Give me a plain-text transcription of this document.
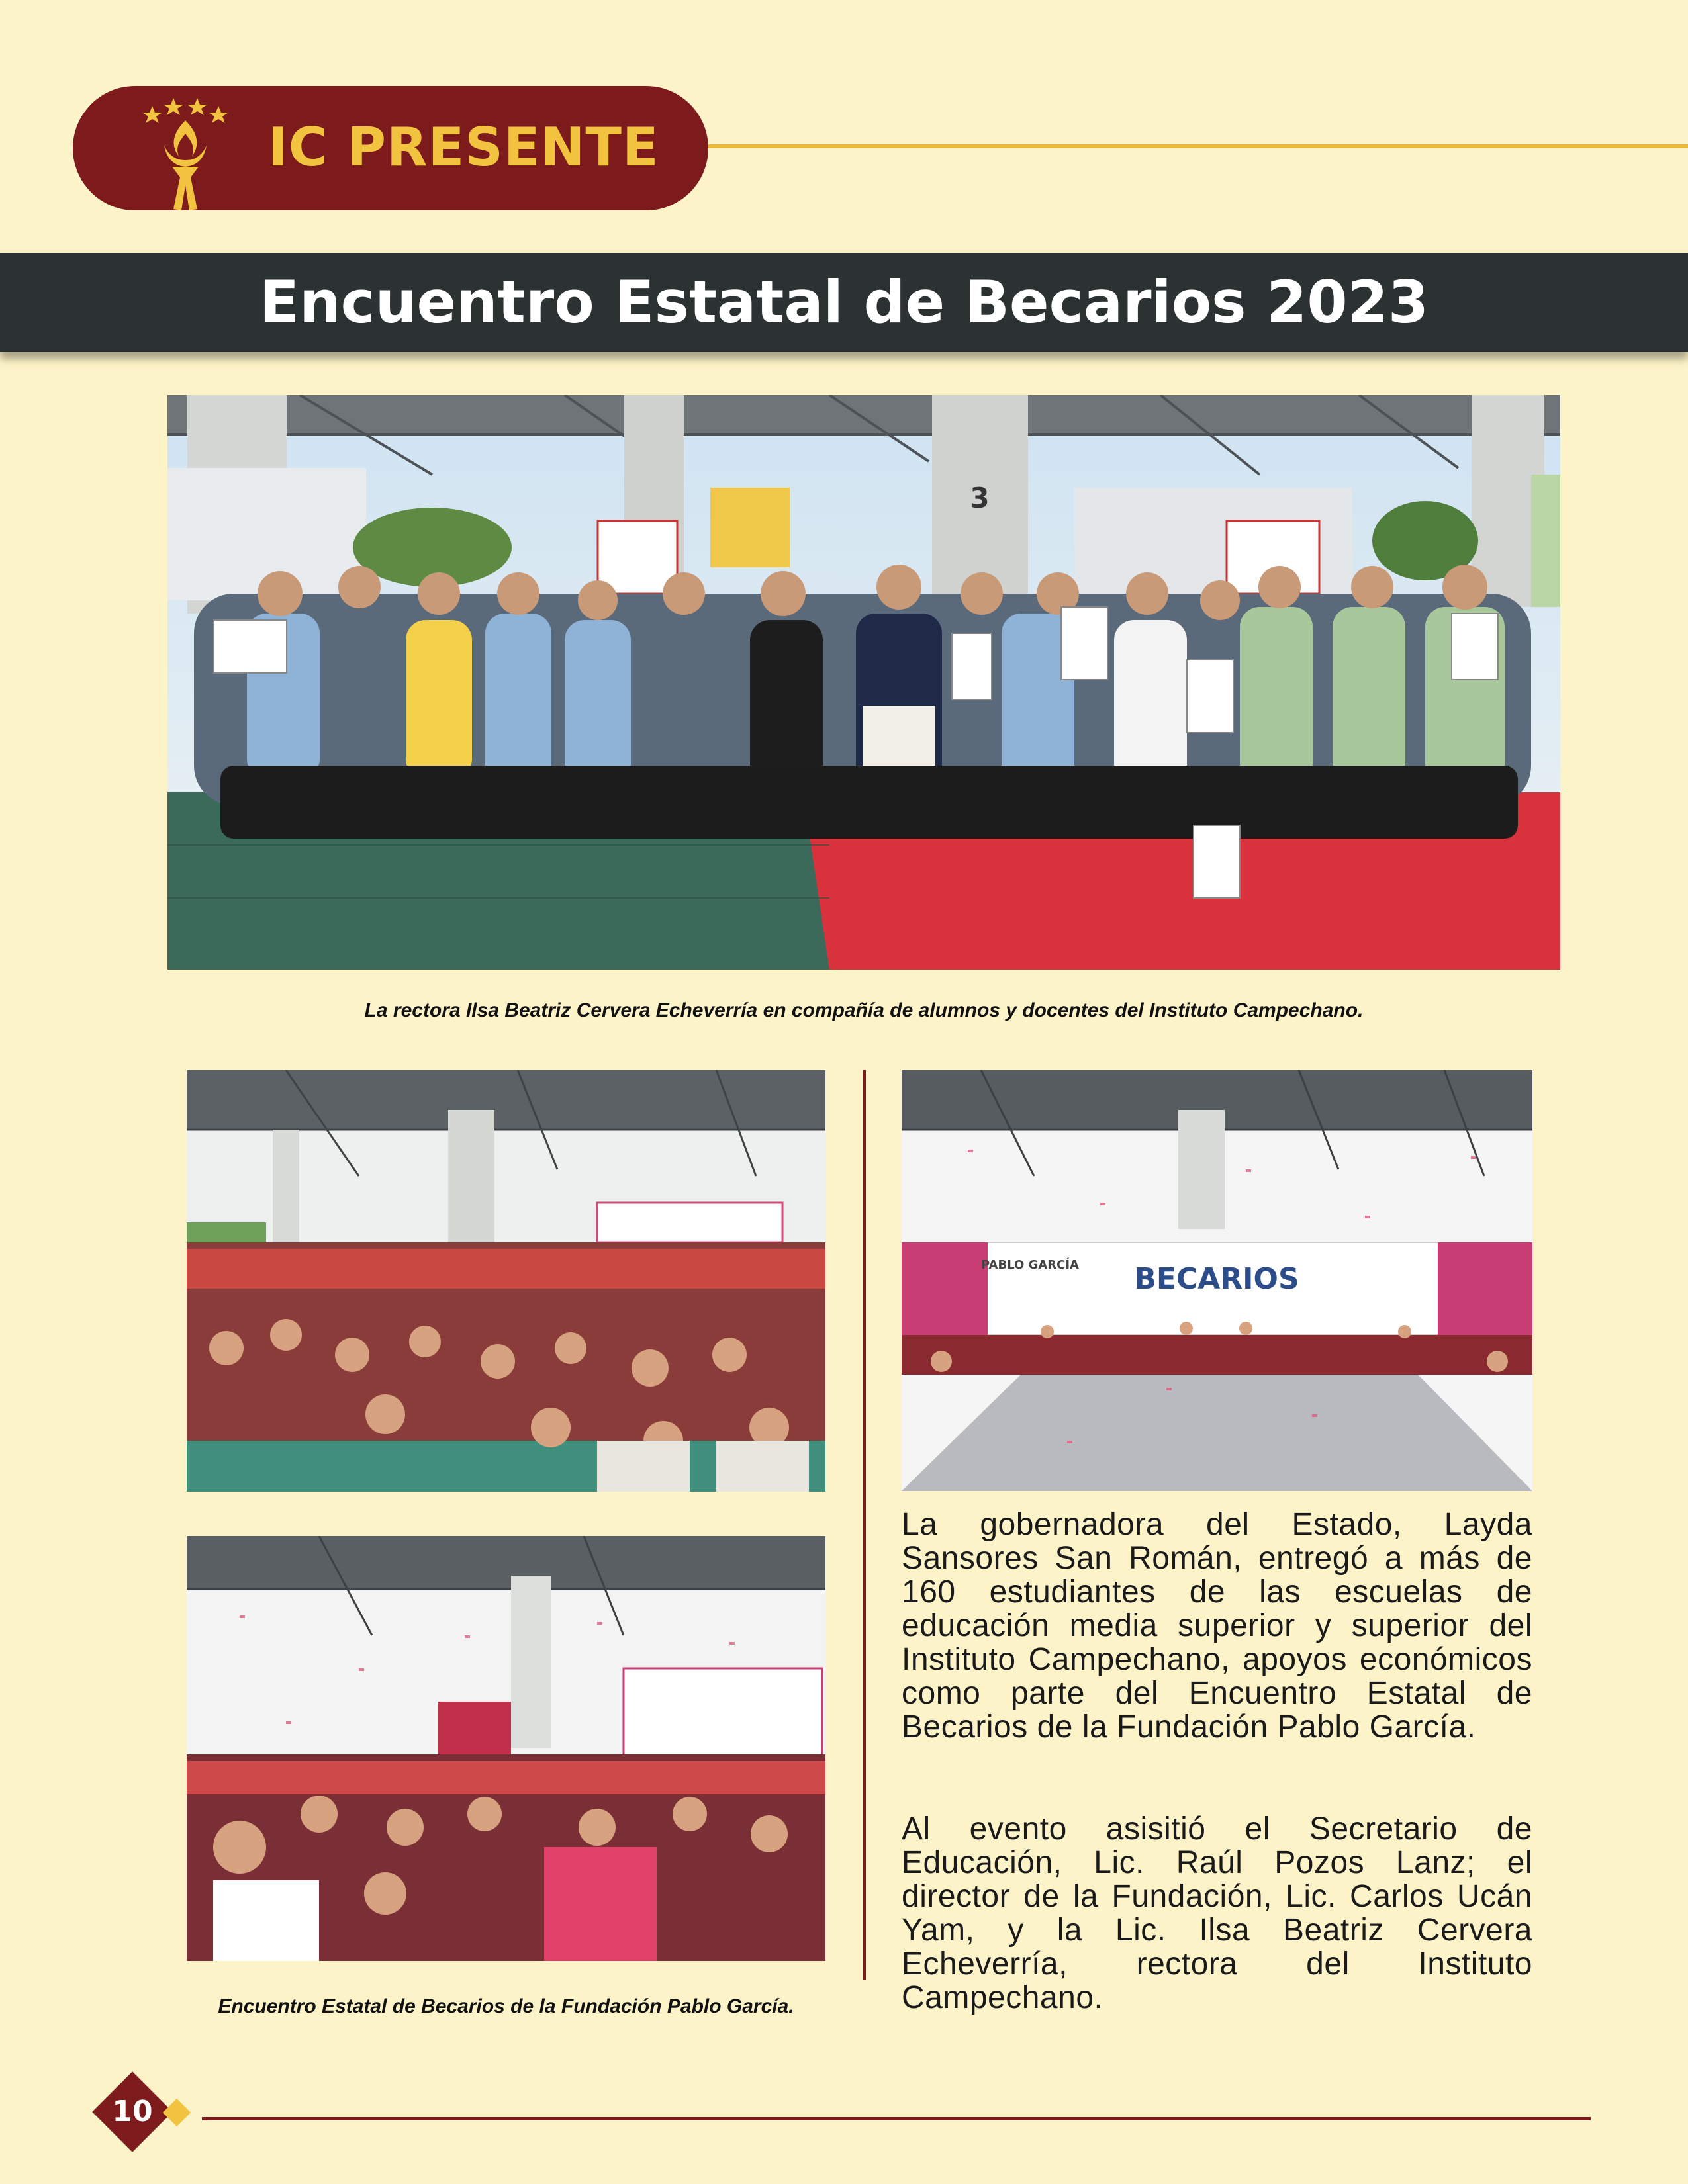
IC PRESENTE
Encuentro Estatal de Becarios 2023
3
La rectora Ilsa Beatriz Cervera Echeverría en compañía de alumnos y docentes del Instituto Campechano.
PABLO GARCÍA BECARIOS
Encuentro Estatal de Becarios de la Fundación Pablo García.

La gobernadora del Estado, Layda Sansores San Román, entregó a más de 160 estudiantes de las escuelas de educación media superior y superior del Instituto Campechano, apoyos económicos como parte del Encuentro Estatal de Becarios de la Fundación Pablo García.

Al evento asisitió el Secretario de Educación, Lic. Raúl Pozos Lanz; el director de la Fundación, Lic. Carlos Ucán Yam, y la Lic. Ilsa Beatriz Cervera Echeverría, rectora del Instituto Campechano.

10
